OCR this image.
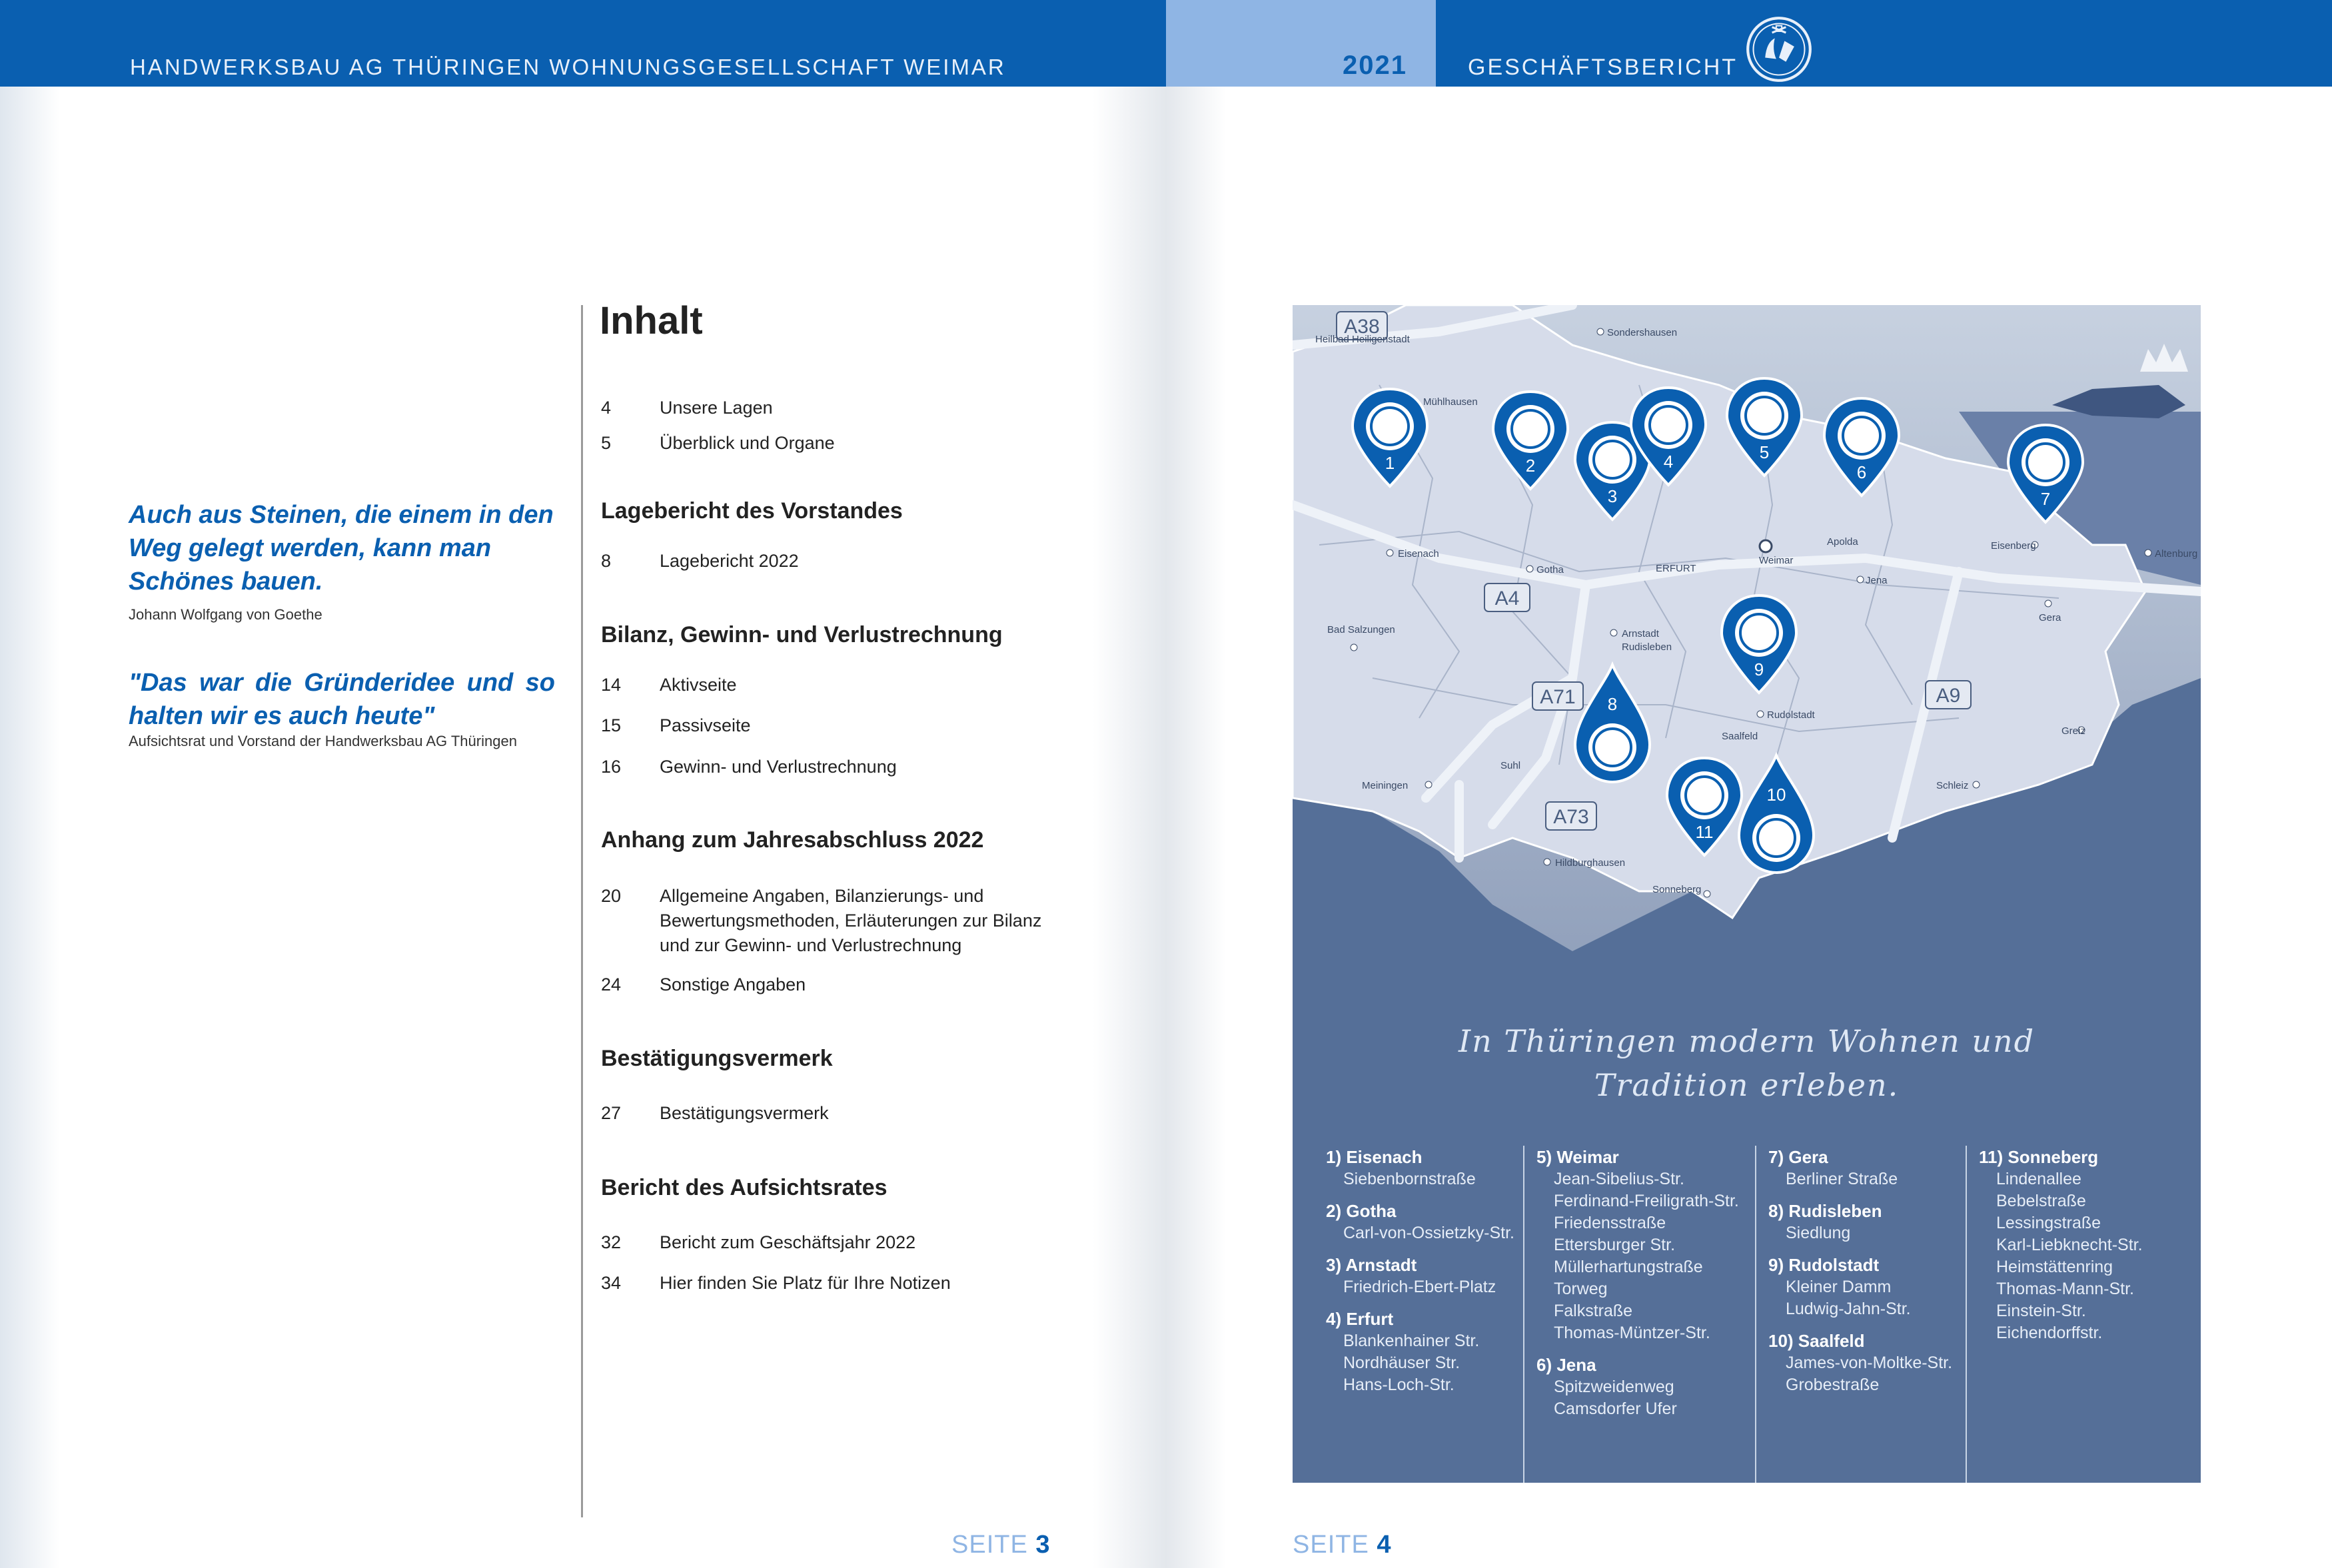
HANDWERKSBAU AG THÜRINGEN WOHNUNGSGESELLSCHAFT WEIMAR	2021	GESCHÄFTSBERICHT
Auch aus Steinen, die einem in den Weg gelegt werden, kann man Schönes bauen.
Johann Wolfgang von Goethe
"Das war die Gründeridee und so halten wir es auch heute"
Aufsichtsrat und Vorstand der Handwerksbau AG Thüringen
Inhalt
4	Unsere Lagen
5	Überblick und Organe
Lagebericht des Vorstandes
8	Lagebericht 2022
Bilanz, Gewinn- und Verlustrechnung
14 Aktivseite
15 Passivseite
16 Gewinn- und Verlustrechnung
Anhang zum Jahresabschluss 2022
20 Allgemeine Angaben, Bilanzierungs- und Bewertungsmethoden, Erläuterungen zur Bilanz und zur Gewinn- und Verlustrechnung
24 Sonstige Angaben
Bestätigungsvermerk
27 Bestätigungsvermerk
Bericht des Aufsichtsrates
32 Bericht zum Geschäftsjahr 2022
34 Hier finden Sie Platz für Ihre Notizen
SEITE 3	SEITE 4
A38
A4
A71
A73
A9
Heilbad Heiligenstadt
Sondershausen
Mühlhausen
Eisenach
Gotha	ERFURT
Weimar
Apolda
Jena
Eisenberg
Altenburg
Gera
Bad Salzungen	Arnstadt
Rudisleben
Rudolstadt
Saalfeld	Greiz
Meiningen
Suhl
Schleiz
Hildburghausen
Sonneberg
1	2
3
4	5
6
7
8
9
10
11
In Thüringen modern Wohnen und
Tradition erleben.
1) Eisenach
Siebenbornstraße
2) Gotha
Carl-von-Ossietzky-Str.
3) Arnstadt
Friedrich-Ebert-Platz
4) Erfurt
Blankenhainer Str.
Nordhäuser Str.
Hans-Loch-Str.
5) Weimar
Jean-Sibelius-Str.
Ferdinand-Freiligrath-Str.
Friedensstraße
Ettersburger Str.
Müllerhartungstraße
Torweg
Falkstraße
Thomas-Müntzer-Str.
6) Jena
Spitzweidenweg
Camsdorfer Ufer
7) Gera
Berliner Straße
8) Rudisleben
Siedlung
9) Rudolstadt
Kleiner Damm
Ludwig-Jahn-Str.
10) Saalfeld
James-von-Moltke-Str.
Grobestraße
11) Sonneberg
Lindenallee
Bebelstraße
Lessingstraße
Karl-Liebknecht-Str.
Heimstättenring
Thomas-Mann-Str.
Einstein-Str.
Eichendorffstr.
